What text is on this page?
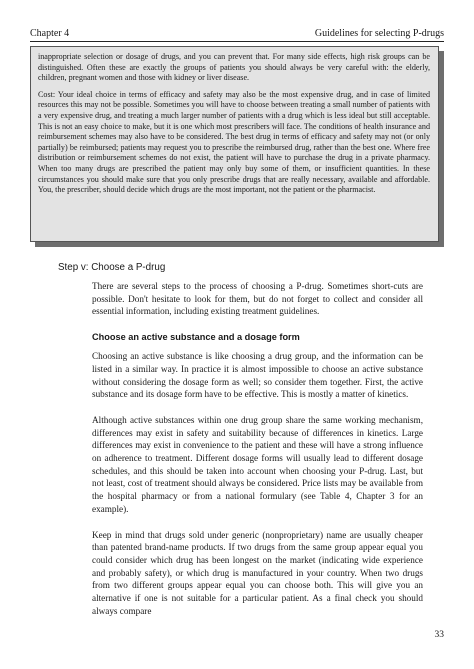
Chapter 4	Guidelines for selecting P-drugs

inappropriate selection or dosage of drugs, and you can prevent that. For many side effects, high risk groups can be distinguished. Often these are exactly the groups of patients you should always be very careful with: the elderly, children, pregnant women and those with kidney or liver disease.

Cost: Your ideal choice in terms of efficacy and safety may also be the most expensive drug, and in case of limited resources this may not be possible. Sometimes you will have to choose between treating a small number of patients with a very expensive drug, and treating a much larger number of patients with a drug which is less ideal but still acceptable. This is not an easy choice to make, but it is one which most prescribers will face. The conditions of health insurance and reimbursement schemes may also have to be considered. The best drug in terms of efficacy and safety may not (or only partially) be reimbursed; patients may request you to prescribe the reimbursed drug, rather than the best one. Where free distribution or reimbursement schemes do not exist, the patient will have to purchase the drug in a private pharmacy. When too many drugs are prescribed the patient may only buy some of them, or insufficient quantities. In these circumstances you should make sure that you only prescribe drugs that are really necessary, available and affordable. You, the prescriber, should decide which drugs are the most important, not the patient or the pharmacist.

Step v: Choose a P-drug

There are several steps to the process of choosing a P-drug. Sometimes short-cuts are possible. Don't hesitate to look for them, but do not forget to collect and consider all essential information, including existing treatment guidelines.

Choose an active substance and a dosage form

Choosing an active substance is like choosing a drug group, and the information can be listed in a similar way. In practice it is almost impossible to choose an active substance without considering the dosage form as well; so consider them together. First, the active substance and its dosage form have to be effective. This is mostly a matter of kinetics.

Although active substances within one drug group share the same working mechanism, differences may exist in safety and suitability because of differences in kinetics. Large differences may exist in convenience to the patient and these will have a strong influence on adherence to treatment. Different dosage forms will usually lead to different dosage schedules, and this should be taken into account when choosing your P-drug. Last, but not least, cost of treatment should always be considered. Price lists may be available from the hospital pharmacy or from a national formulary (see Table 4, Chapter 3 for an example).

Keep in mind that drugs sold under generic (nonproprietary) name are usually cheaper than patented brand-name products. If two drugs from the same group appear equal you could consider which drug has been longest on the market (indicating wide experience and probably safety), or which drug is manufactured in your country. When two drugs from two different groups appear equal you can choose both. This will give you an alternative if one is not suitable for a particular patient. As a final check you should always compare

33
